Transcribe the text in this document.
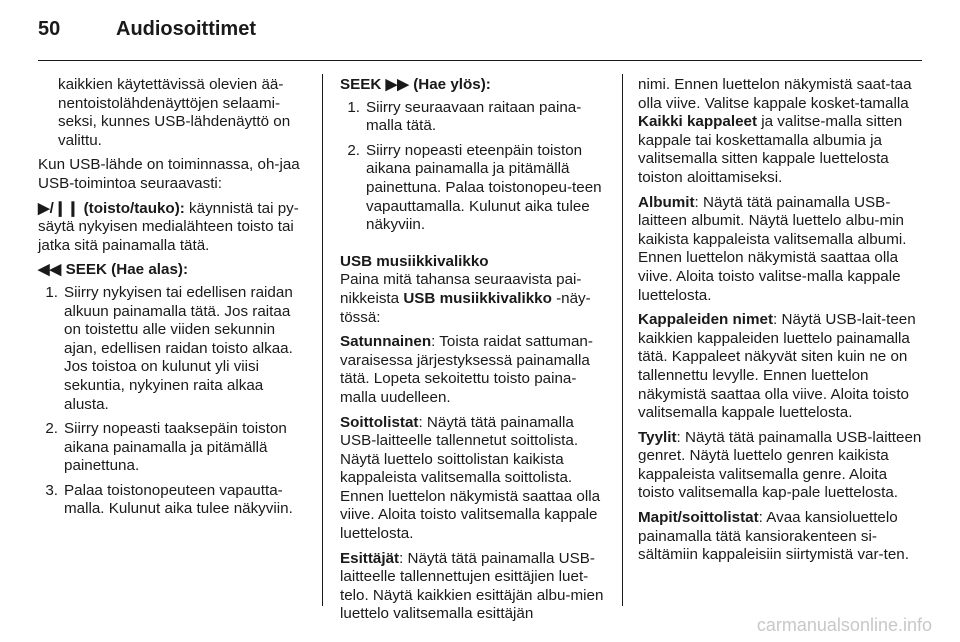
50	Audiosoittimet

kaikkien käytettävissä olevien ää-nentoistolähdenäyttöjen selaami-seksi, kunnes USB-lähdenäyttö on valittu.

Kun USB-lähde on toiminnassa, oh-jaa USB-toimintoa seuraavasti:

▶/❙❙ (toisto/tauko): käynnistä tai py-säytä nykyisen medialähteen toisto tai jatka sitä painamalla tätä.

◀◀ SEEK (Hae alas):

1. Siirry nykyisen tai edellisen raidan alkuun painamalla tätä. Jos raitaa on toistettu alle viiden sekunnin ajan, edellisen raidan toisto alkaa. Jos toistoa on kulunut yli viisi sekuntia, nykyinen raita alkaa alusta.
2. Siirry nopeasti taaksepäin toiston aikana painamalla ja pitämällä painettuna.
3. Palaa toistonopeuteen vapautta-malla. Kulunut aika tulee näkyviin.

SEEK ▶▶ (Hae ylös):

1. Siirry seuraavaan raitaan paina-malla tätä.
2. Siirry nopeasti eteenpäin toiston aikana painamalla ja pitämällä painettuna. Palaa toistonopeu-teen vapauttamalla. Kulunut aika tulee näkyviin.

USB musiikkivalikko
Paina mitä tahansa seuraavista pai-nikkeista USB musiikkivalikko -näy-tössä:

Satunnainen: Toista raidat sattuman-varaisessa järjestyksessä painamalla tätä. Lopeta sekoitettu toisto paina-malla uudelleen.

Soittolistat: Näytä tätä painamalla USB-laitteelle tallennetut soittolista. Näytä luettelo soittolistan kaikista kappaleista valitsemalla soittolista. Ennen luettelon näkymistä saattaa olla viive. Aloita toisto valitsemalla kappale luettelosta.

Esittäjät: Näytä tätä painamalla USB-laitteelle tallennettujen esittäjien luet-telo. Näytä kaikkien esittäjän albu-mien luettelo valitsemalla esittäjän

nimi. Ennen luettelon näkymistä saat-taa olla viive. Valitse kappale kosket-tamalla Kaikki kappaleet ja valitse-malla sitten kappale tai koskettamalla albumia ja valitsemalla sitten kappale luettelosta toiston aloittamiseksi.

Albumit: Näytä tätä painamalla USB-laitteen albumit. Näytä luettelo albu-min kaikista kappaleista valitsemalla albumi. Ennen luettelon näkymistä saattaa olla viive. Aloita toisto valitse-malla kappale luettelosta.

Kappaleiden nimet: Näytä USB-lait-teen kaikkien kappaleiden luettelo painamalla tätä. Kappaleet näkyvät siten kuin ne on tallennettu levylle. Ennen luettelon näkymistä saattaa olla viive. Aloita toisto valitsemalla kappale luettelosta.

Tyylit: Näytä tätä painamalla USB-laitteen genret. Näytä luettelo genren kaikista kappaleista valitsemalla genre. Aloita toisto valitsemalla kap-pale luettelosta.

Mapit/soittolistat: Avaa kansioluettelo painamalla tätä kansiorakenteen si-sältämiin kappaleisiin siirtymistä var-ten.

carmanualsonline.info
